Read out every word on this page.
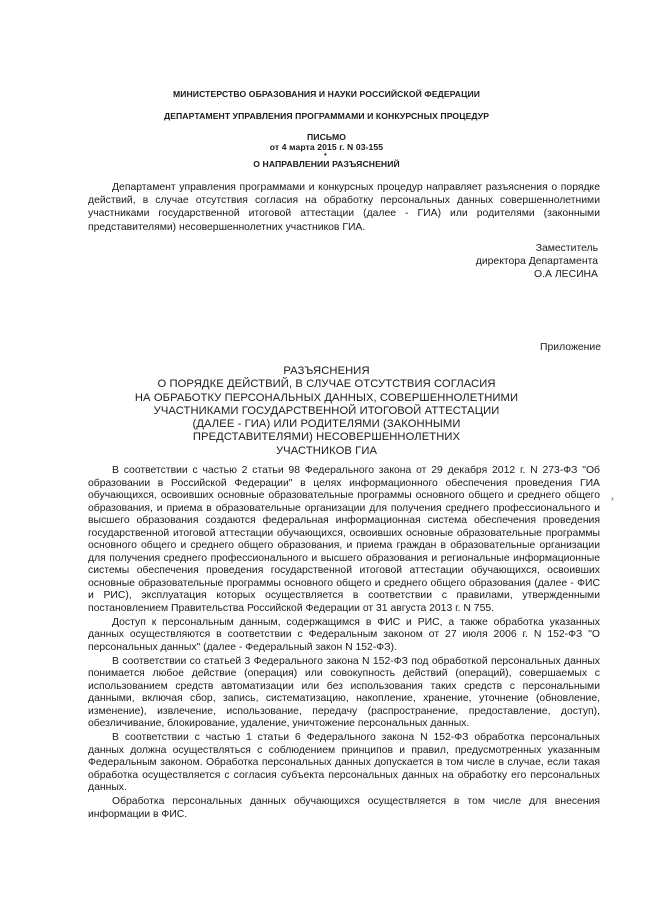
МИНИСТЕРСТВО ОБРАЗОВАНИЯ И НАУКИ РОССИЙСКОЙ ФЕДЕРАЦИИ
ДЕПАРТАМЕНТ УПРАВЛЕНИЯ ПРОГРАММАМИ И КОНКУРСНЫХ ПРОЦЕДУР
ПИСЬМО
от 4 марта 2015 г. N 03-155
•
О НАПРАВЛЕНИИ РАЗЪЯСНЕНИЙ

Департамент управления программами и конкурсных процедур направляет разъяснения о порядке действий, в случае отсутствия согласия на обработку персональных данных совершеннолетними участниками государственной итоговой аттестации (далее - ГИА) или родителями (законными представителями) несовершеннолетних участников ГИА.

Заместитель
директора Департамента
О.А ЛЕСИНА
Приложение
РАЗЪЯСНЕНИЯ
О ПОРЯДКЕ ДЕЙСТВИЙ, В СЛУЧАЕ ОТСУТСТВИЯ СОГЛАСИЯ
НА ОБРАБОТКУ ПЕРСОНАЛЬНЫХ ДАННЫХ, СОВЕРШЕННОЛЕТНИМИ
УЧАСТНИКАМИ ГОСУДАРСТВЕННОЙ ИТОГОВОЙ АТТЕСТАЦИИ
(ДАЛЕЕ - ГИА) ИЛИ РОДИТЕЛЯМИ (ЗАКОННЫМИ
ПРЕДСТАВИТЕЛЯМИ) НЕСОВЕРШЕННОЛЕТНИХ
УЧАСТНИКОВ ГИА

В соответствии с частью 2 статьи 98 Федерального закона от 29 декабря 2012 г. N 273-ФЗ "Об образовании в Российской Федерации" в целях информационного обеспечения проведения ГИА обучающихся, освоивших основные образовательные программы основного общего и среднего общего образования, и приема в образовательные организации для получения среднего профессионального и высшего образования создаются федеральная информационная система обеспечения проведения государственной итоговой аттестации обучающихся, освоивших основные образовательные программы основного общего и среднего общего образования, и приема граждан в образовательные организации для получения среднего профессионального и высшего образования и региональные информационные системы обеспечения проведения государственной итоговой аттестации обучающихся, освоивших основные образовательные программы основного общего и среднего общего образования (далее - ФИС и РИС), эксплуатация которых осуществляется в соответствии с правилами, утвержденными постановлением Правительства Российской Федерации от 31 августа 2013 г. N 755.

Доступ к персональным данным, содержащимся в ФИС и РИС, а также обработка указанных данных осуществляются в соответствии с Федеральным законом от 27 июля 2006 г. N 152-ФЗ "О персональных данных" (далее - Федеральный закон N 152-ФЗ).

В соответствии со статьей 3 Федерального закона N 152-ФЗ под обработкой персональных данных понимается любое действие (операция) или совокупность действий (операций), совершаемых с использованием средств автоматизации или без использования таких средств с персональными данными, включая сбор, запись, систематизацию, накопление, хранение, уточнение (обновление, изменение), извлечение, использование, передачу (распространение, предоставление, доступ), обезличивание, блокирование, удаление, уничтожение персональных данных.

В соответствии с частью 1 статьи 6 Федерального закона N 152-ФЗ обработка персональных данных должна осуществляться с соблюдением принципов и правил, предусмотренных указанным Федеральным законом. Обработка персональных данных допускается в том числе в случае, если такая обработка осуществляется с согласия субъекта персональных данных на обработку его персональных данных.

Обработка персональных данных обучающихся осуществляется в том числе для внесения информации в ФИС.

›
